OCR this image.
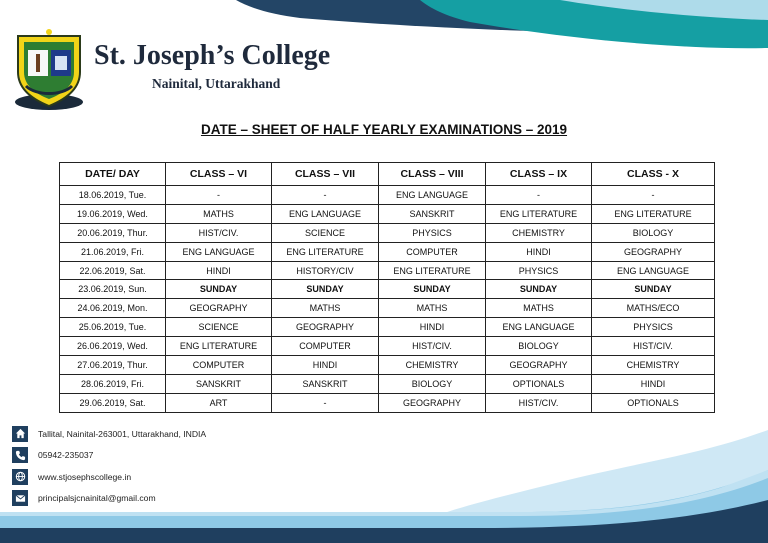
St. Joseph’s College
Nainital, Uttarakhand
DATE – SHEET OF HALF YEARLY EXAMINATIONS – 2019
DATE/ DAY	CLASS – VI	CLASS – VII	CLASS – VIII	CLASS – IX	CLASS - X
18.06.2019, Tue.	-	-	ENG LANGUAGE	-	-
19.06.2019, Wed.	MATHS	ENG LANGUAGE	SANSKRIT	ENG LITERATURE	ENG LITERATURE
20.06.2019, Thur.	HIST/CIV.	SCIENCE	PHYSICS	CHEMISTRY	BIOLOGY
21.06.2019, Fri.	ENG LANGUAGE	ENG LITERATURE	COMPUTER	HINDI	GEOGRAPHY
22.06.2019, Sat.	HINDI	HISTORY/CIV	ENG LITERATURE	PHYSICS	ENG LANGUAGE
23.06.2019, Sun.	SUNDAY	SUNDAY	SUNDAY	SUNDAY	SUNDAY
24.06.2019, Mon.	GEOGRAPHY	MATHS	MATHS	MATHS	MATHS/ECO
25.06.2019, Tue.	SCIENCE	GEOGRAPHY	HINDI	ENG LANGUAGE	PHYSICS
26.06.2019, Wed.	ENG LITERATURE	COMPUTER	HIST/CIV.	BIOLOGY	HIST/CIV.
27.06.2019, Thur.	COMPUTER	HINDI	CHEMISTRY	GEOGRAPHY	CHEMISTRY
28.06.2019, Fri.	SANSKRIT	SANSKRIT	BIOLOGY	OPTIONALS	HINDI
29.06.2019, Sat.	ART	-	GEOGRAPHY	HIST/CIV.	OPTIONALS
Tallital, Nainital-263001, Uttarakhand, INDIA
05942-235037
www.stjosephscollege.in
principalsjcnainital@gmail.com
